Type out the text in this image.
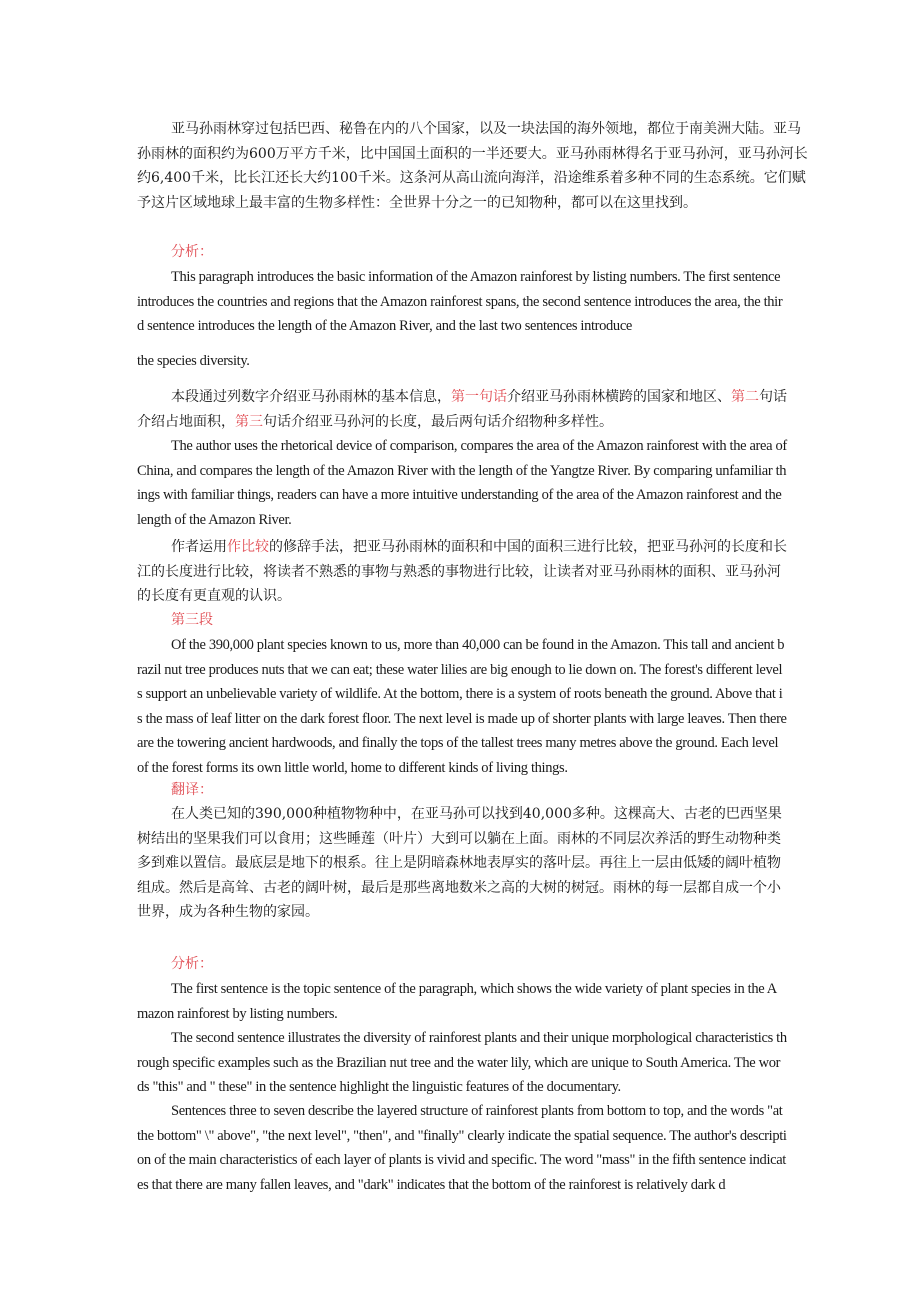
亚马孙雨林穿过包括巴西、秘鲁在内的八个国家，以及一块法国的海外领地，都位于南美洲大陆。亚马孙雨林的面积约为600万平方千米，比中国国土面积的一半还要大。亚马孙雨林得名于亚马孙河，亚马孙河长约6,400千米，比长江还长大约100千米。这条河从高山流向海洋，沿途维系着多种不同的生态系统。它们赋予这片区域地球上最丰富的生物多样性：全世界十分之一的已知物种，都可以在这里找到。

分析：

This paragraph introduces the basic information of the Amazon rainforest by listing numbers. The first sentence introduces the countries and regions that the Amazon rainforest spans, the second sentence introduces the area, the third sentence introduces the length of the Amazon River, and the last two sentences introduce

the species diversity.

本段通过列数字介绍亚马孙雨林的基本信息，第一句话介绍亚马孙雨林横跨的国家和地区、第二句话介绍占地面积，第三句话介绍亚马孙河的长度，最后两句话介绍物种多样性。

The author uses the rhetorical device of comparison, compares the area of the Amazon rainforest with the area of China, and compares the length of the Amazon River with the length of the Yangtze River. By comparing unfamiliar things with familiar things, readers can have a more intuitive understanding of the area of the Amazon rainforest and the length of the Amazon River.

作者运用作比较的修辞手法，把亚马孙雨林的面积和中国的面积三进行比较，把亚马孙河的长度和长江的长度进行比较，将读者不熟悉的事物与熟悉的事物进行比较，让读者对亚马孙雨林的面积、亚马孙河的长度有更直观的认识。

第三段

Of the 390,000 plant species known to us, more than 40,000 can be found in the Amazon. This tall and ancient brazil nut tree produces nuts that we can eat; these water lilies are big enough to lie down on. The forest's different levels support an unbelievable variety of wildlife. At the bottom, there is a system of roots beneath the ground. Above that is the mass of leaf litter on the dark forest floor. The next level is made up of shorter plants with large leaves. Then there are the towering ancient hardwoods, and finally the tops of the tallest trees many metres above the ground. Each level of the forest forms its own little world, home to different kinds of living things.

翻译：

在人类已知的390,000种植物物种中，在亚马孙可以找到40,000多种。这棵高大、古老的巴西坚果树结出的坚果我们可以食用；这些睡莲（叶片）大到可以躺在上面。雨林的不同层次养活的野生动物种类多到难以置信。最底层是地下的根系。往上是阴暗森林地表厚实的落叶层。再往上一层由低矮的阔叶植物组成。然后是高耸、古老的阔叶树，最后是那些离地数米之高的大树的树冠。雨林的每一层都自成一个小世界，成为各种生物的家园。

分析：

The first sentence is the topic sentence of the paragraph, which shows the wide variety of plant species in the Amazon rainforest by listing numbers.

The second sentence illustrates the diversity of rainforest plants and their unique morphological characteristics through specific examples such as the Brazilian nut tree and the water lily, which are unique to South America. The words "this" and " these" in the sentence highlight the linguistic features of the documentary.

Sentences three to seven describe the layered structure of rainforest plants from bottom to top, and the words "at the bottom" \" above", "the next level", "then", and "finally" clearly indicate the spatial sequence. The author's description of the main characteristics of each layer of plants is vivid and specific. The word "mass" in the fifth sentence indicates that there are many fallen leaves, and "dark" indicates that the bottom of the rainforest is relatively dark d
